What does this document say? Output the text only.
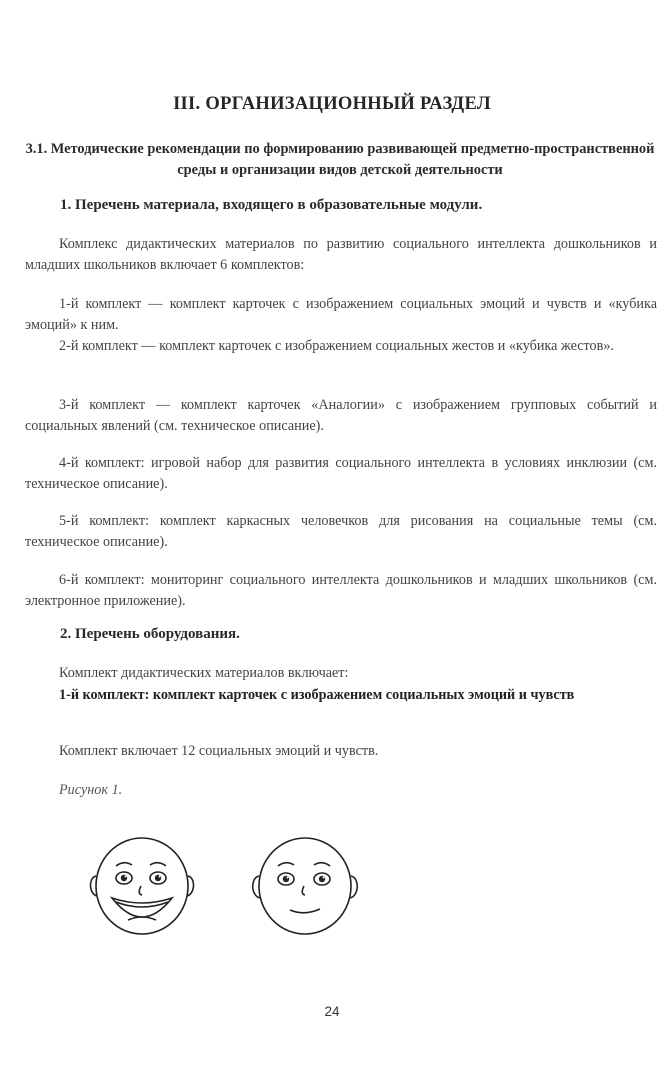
III. ОРГАНИЗАЦИОННЫЙ РАЗДЕЛ
3.1. Методические рекомендации по формированию развивающей предметно-пространственной среды и организации видов детской деятельности
1. Перечень материала, входящего в образовательные модули.
Комплекс дидактических материалов по развитию социального интеллекта дошкольников и младших школьников включает 6 комплектов:
1-й комплект — комплект карточек с изображением социальных эмоций и чувств и «кубика эмоций» к ним.
2-й комплект — комплект карточек с изображением социальных жестов и «кубика жестов».
3-й комплект — комплект карточек «Аналогии» с изображением групповых событий и социальных явлений (см. техническое описание).
4-й комплект: игровой набор для развития социального интеллекта в условиях инклюзии (см. техническое описание).
5-й комплект: комплект каркасных человечков для рисования на социальные темы (см. техническое описание).
6-й комплект: мониторинг социального интеллекта дошкольников и младших школьников (см. электронное приложение).
2. Перечень оборудования.
Комплект дидактических материалов включает:
1-й комплект: комплект карточек с изображением социальных эмоций и чувств
Комплект включает 12 социальных эмоций и чувств.
Рисунок 1.
24
